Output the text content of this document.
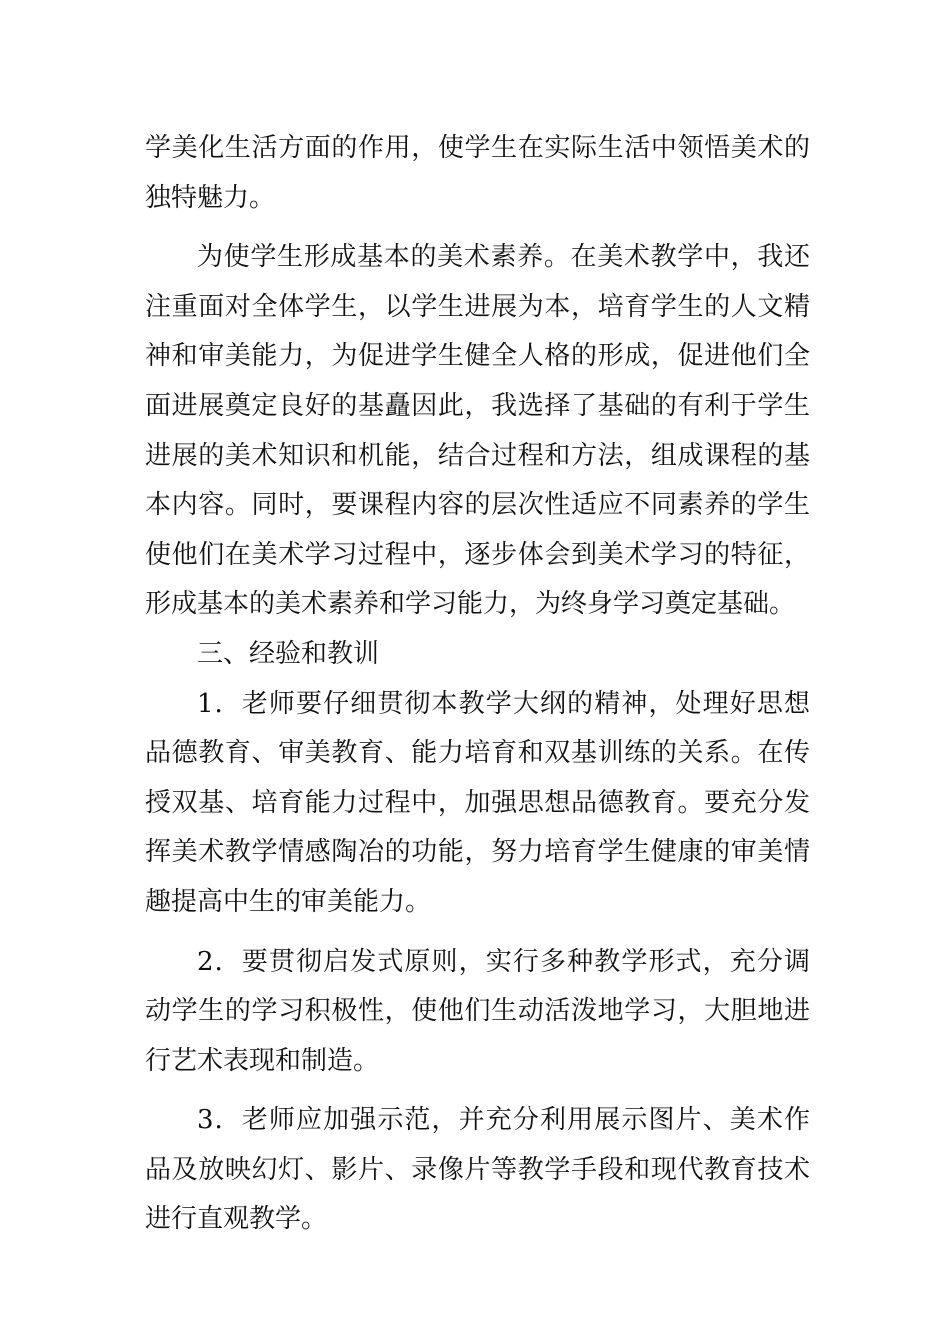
学美化生活方面的作用，使学生在实际生活中领悟美术的独特魅力。

为使学生形成基本的美术素养。在美术教学中，我还注重面对全体学生，以学生进展为本，培育学生的人文精神和审美能力，为促进学生健全人格的形成，促进他们全面进展奠定良好的基矗因此，我选择了基础的有利于学生进展的美术知识和机能，结合过程和方法，组成课程的基本内容。同时，要课程内容的层次性适应不同素养的学生使他们在美术学习过程中，逐步体会到美术学习的特征，形成基本的美术素养和学习能力，为终身学习奠定基础。

三、经验和教训

1．老师要仔细贯彻本教学大纲的精神，处理好思想品德教育、审美教育、能力培育和双基训练的关系。在传授双基、培育能力过程中，加强思想品德教育。要充分发挥美术教学情感陶冶的功能，努力培育学生健康的审美情趣提高中生的审美能力。

2．要贯彻启发式原则，实行多种教学形式，充分调动学生的学习积极性，使他们生动活泼地学习，大胆地进行艺术表现和制造。

3．老师应加强示范，并充分利用展示图片、美术作品及放映幻灯、影片、录像片等教学手段和现代教育技术进行直观教学。
